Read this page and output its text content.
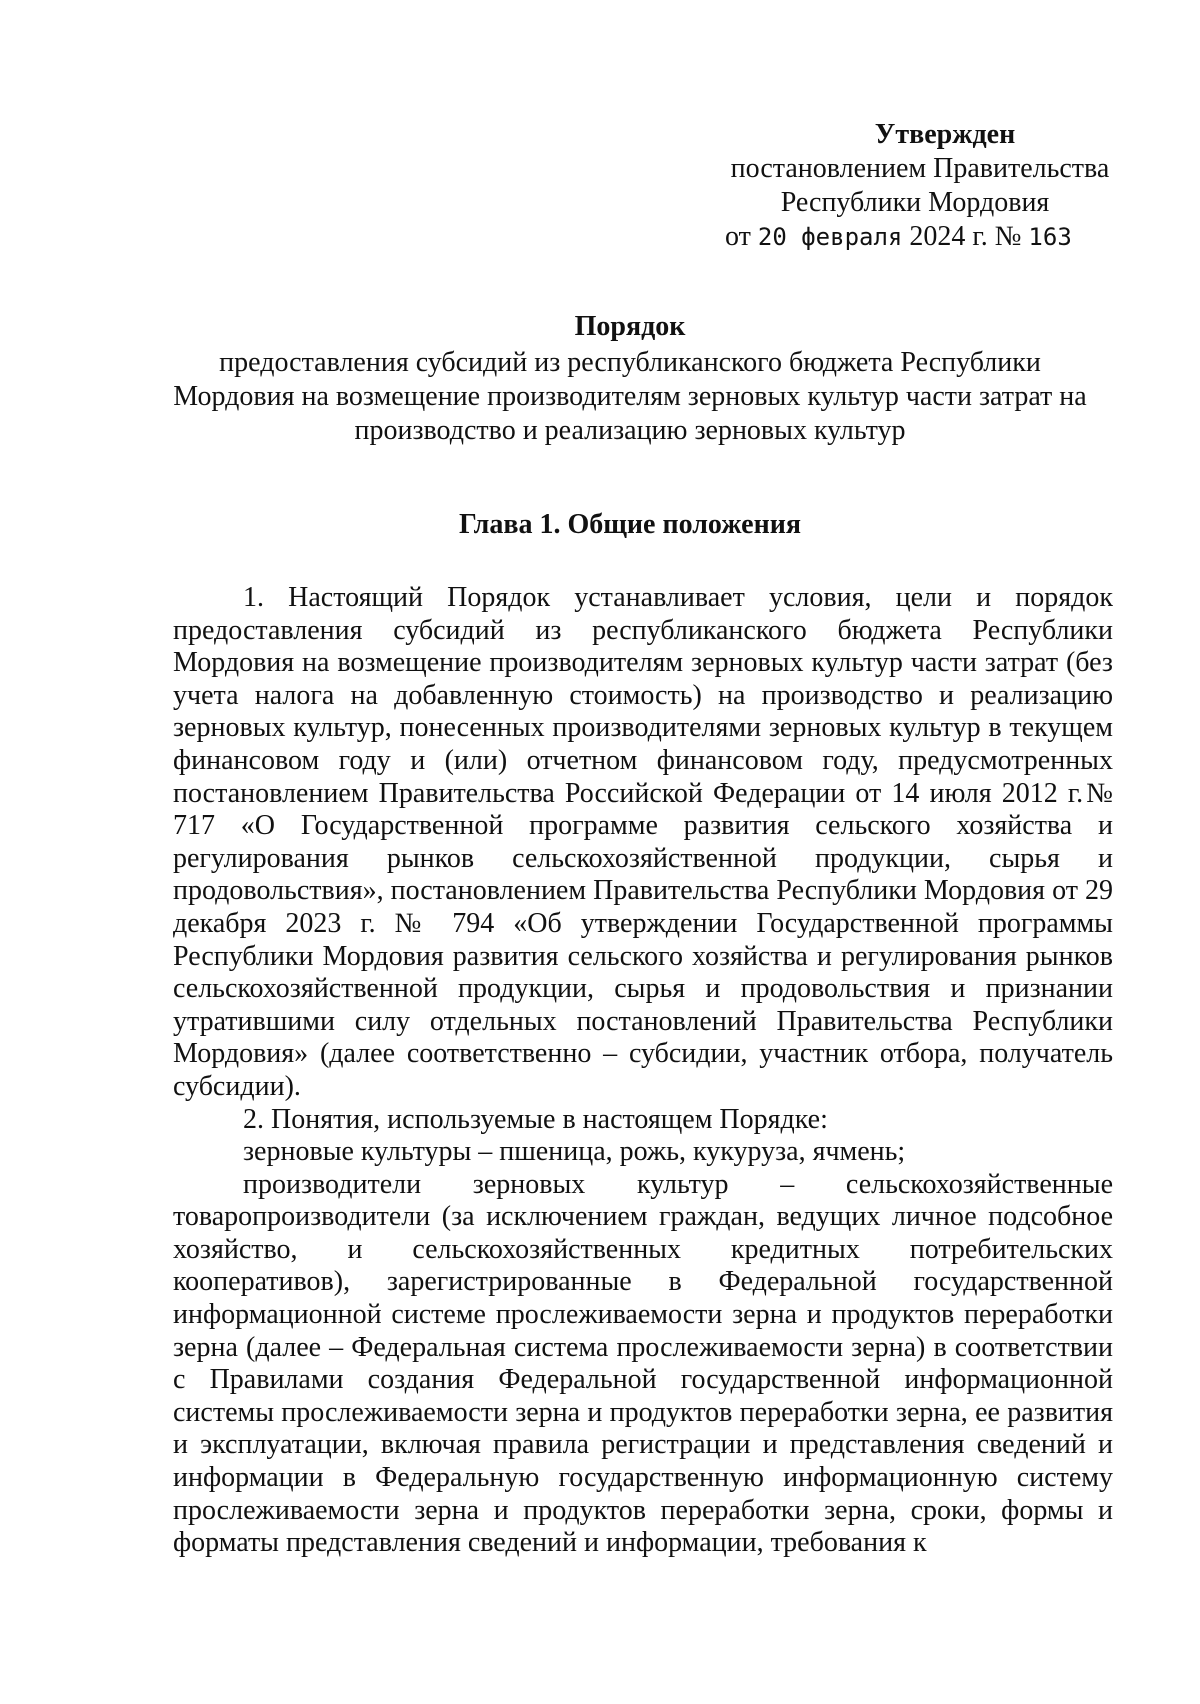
Утвержден
постановлением Правительства
Республики Мордовия
от 20 февраля 2024 г. № 163
Порядок
предоставления субсидий из республиканского бюджета Республики
Мордовия на возмещение производителям зерновых культур части затрат на
производство и реализацию зерновых культур
Глава 1. Общие положения

1. Настоящий Порядок устанавливает условия, цели и порядок предоставления субсидий из республиканского бюджета Республики Мордовия на возмещение производителям зерновых культур части затрат (без учета налога на добавленную стоимость) на производство и реализацию зерновых культур, понесенных производителями зерновых культур в текущем финансовом году и (или) отчетном финансовом году, предусмотренных постановлением Правительства Российской Федерации от 14 июля 2012 г.№ 717 «О Государственной программе развития сельского хозяйства и регулирования рынков сельскохозяйственной продукции, сырья и продовольствия», постановлением Правительства Республики Мордовия от 29 декабря 2023 г. № 794 «Об утверждении Государственной программы Республики Мордовия развития сельского хозяйства и регулирования рынков сельскохозяйственной продукции, сырья и продовольствия и признании утратившими силу отдельных постановлений Правительства Республики Мордовия» (далее соответственно – субсидии, участник отбора, получатель субсидии).

2. Понятия, используемые в настоящем Порядке:

зерновые культуры – пшеница, рожь, кукуруза, ячмень;

производители зерновых культур – сельскохозяйственные товаропроизводители (за исключением граждан, ведущих личное подсобное хозяйство, и сельскохозяйственных кредитных потребительских кооперативов), зарегистрированные в Федеральной государственной информационной системе прослеживаемости зерна и продуктов переработки зерна (далее – Федеральная система прослеживаемости зерна) в соответствии с Правилами создания Федеральной государственной информационной системы прослеживаемости зерна и продуктов переработки зерна, ее развития и эксплуатации, включая правила регистрации и представления сведений и информации в Федеральную государственную информационную систему прослеживаемости зерна и продуктов переработки зерна, сроки, формы и форматы представления сведений и информации, требования к
